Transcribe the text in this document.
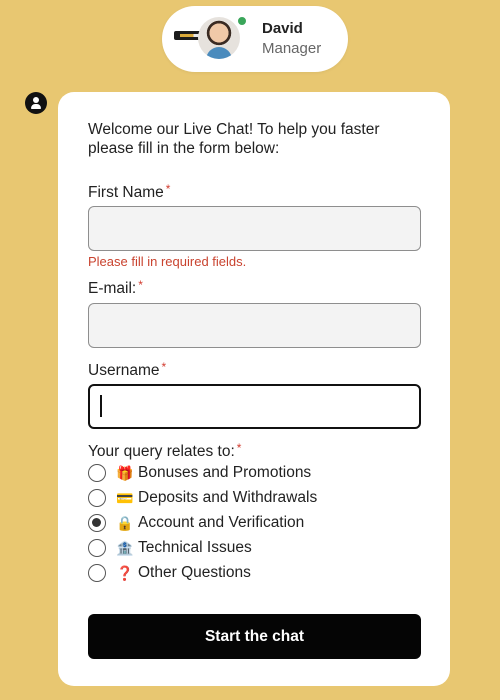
David
Manager

Welcome our Live Chat! To help you faster please fill in the form below:

First Name *
Please fill in required fields.
E-mail: *
Username *
Your query relates to: *
🎁 Bonuses and Promotions
💳 Deposits and Withdrawals
🔒 Account and Verification
🏦 Technical Issues
❓ Other Questions
Start the chat
